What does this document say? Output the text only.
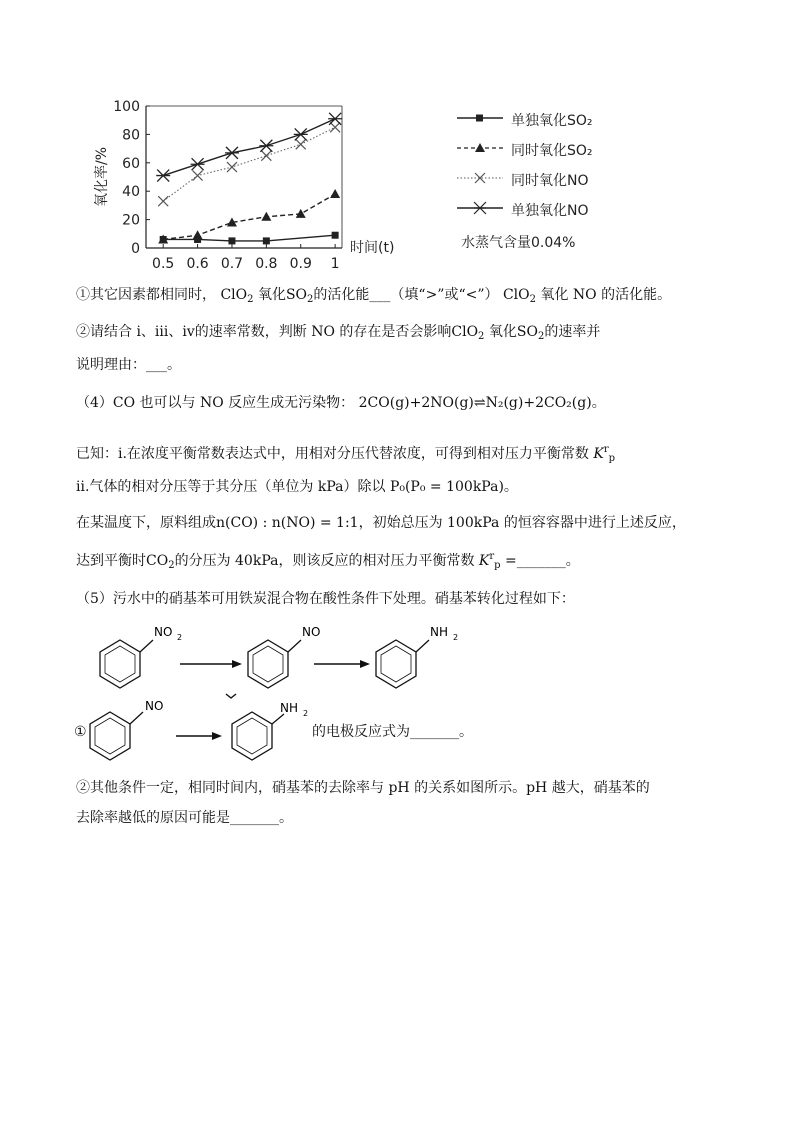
0
20
40
60
80
100
0.5 0.6 0.7 0.8 0.9 1
氧化率/%
时间(t)
单独氧化SO₂
同时氧化SO₂
同时氧化NO
单独氧化NO
水蒸气含量0.04%
①其它因素都相同时， ClO$_2$ 氧化$SO_2$的活化能___（填“>”或“<”） ClO$_2$ 氧化 NO 的活化能。
②请结合 ⅰ、ⅲ、ⅳ的速率常数，判断 NO 的存在是否会影响ClO$_2$ 氧化$SO_2$的速率并
说明理由：___。
（4）CO 也可以与 NO 反应生成无污染物： 2CO(g)+2NO(g)⇌N₂(g)+2CO₂(g)。
已知：ⅰ.在浓度平衡常数表达式中，用相对分压代替浓度，可得到相对压力平衡常数 $K^r_p$
ⅱ.气体的相对分压等于其分压（单位为 kPa）除以 P₀(P₀ = 100kPa)。
在某温度下，原料组成n(CO) : n(NO) = 1:1，初始总压为 100kPa 的恒容容器中进行上述反应，
达到平衡时$CO_2$的分压为 40kPa，则该反应的相对压力平衡常数 $K^r_p$ =_______。
（5）污水中的硝基苯可用铁炭混合物在酸性条件下处理。硝基苯转化过程如下：
NO 2	NO	NH 2
①
NO	NH 2
的电极反应式为_______。
②其他条件一定，相同时间内，硝基苯的去除率与 pH 的关系如图所示。pH 越大，硝基苯的
去除率越低的原因可能是_______。
